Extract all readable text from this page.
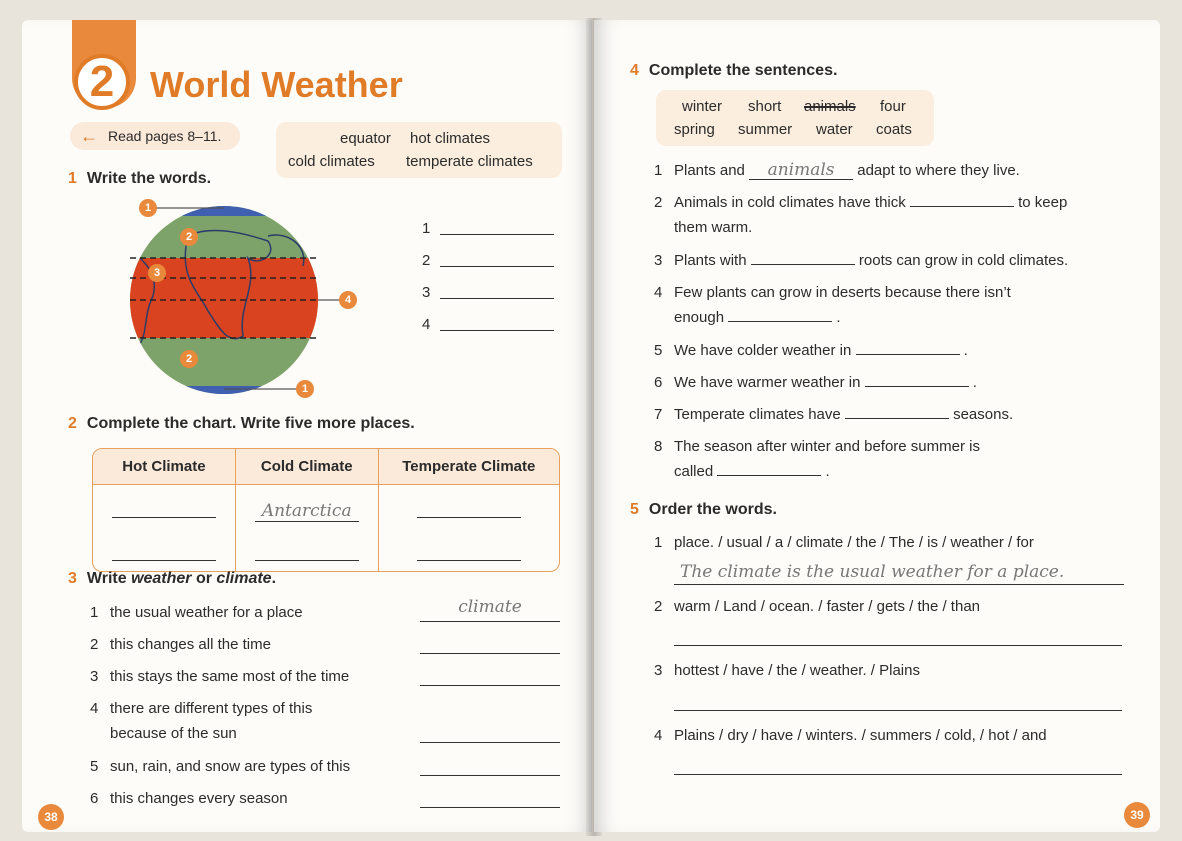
2 World Weather
← Read pages 8–11.	equator hot climates
cold climates temperate climates
1 Write the words.
1
2
3
4
2
1
1
2
3
4
2 Complete the chart. Write five more places.
Hot Climate	Cold Climate	Temperate Climate
	Antarctica	

3 Write weather or climate.
1 the usual weather for a place	climate
2 this changes all the time
3 this stays the same most of the time
4 there are different types of this
because of the sun
5 sun, rain, and snow are types of this
6 this changes every season
38
4 Complete the sentences.
winter short animals four
spring summer water coats
1 Plants and animals adapt to where they live.
2 Animals in cold climates have thick	to keep
them warm.
3 Plants with	roots can grow in cold climates.
4 Few plants can grow in deserts because there isn’t
enough	.
5 We have colder weather in	.
6 We have warmer weather in	.
7 Temperate climates have	seasons.
8 The season after winter and before summer is
called	.
5 Order the words.
1 place. / usual / a / climate / the / The / is / weather / for
The climate is the usual weather for a place.
2 warm / Land / ocean. / faster / gets / the / than
3 hottest / have / the / weather. / Plains
4 Plains / dry / have / winters. / summers / cold, / hot / and
39
